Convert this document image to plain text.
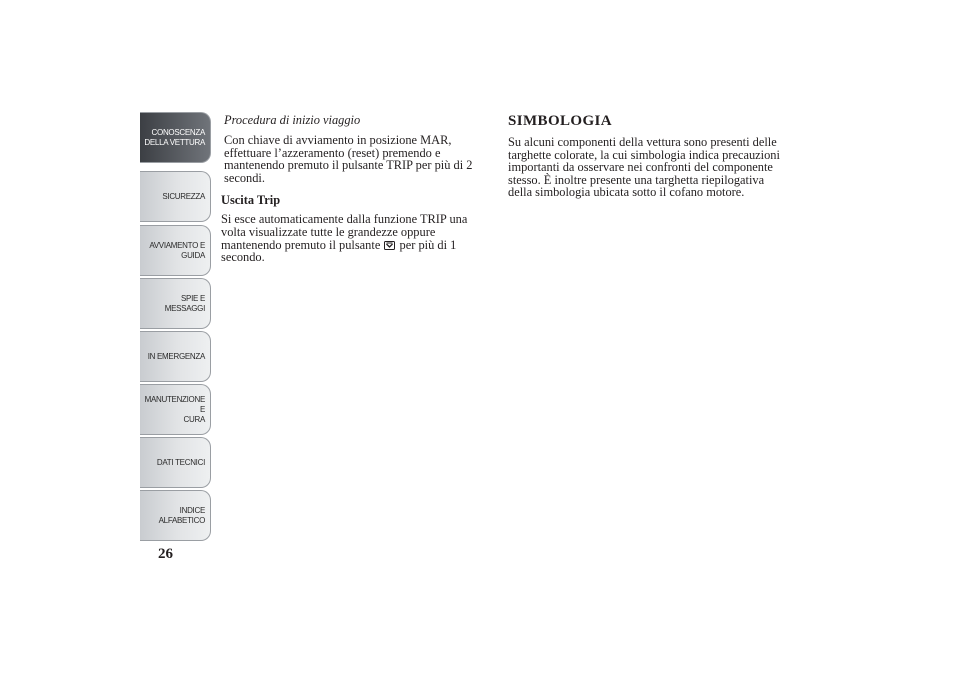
CONOSCENZA
DELLA VETTURA
SICUREZZA
AVVIAMENTO E
GUIDA
SPIE E MESSAGGI
IN EMERGENZA
MANUTENZIONE E
CURA
DATI TECNICI
INDICE
ALFABETICO
26

Procedura di inizio viaggio

Con chiave di avviamento in posizione MAR, effettuare l’azzeramento (reset) premendo e mantenendo premuto il pulsante TRIP per più di 2 secondi.

Uscita Trip

Si esce automaticamente dalla funzione TRIP una volta visualizzate tutte le grandezze oppure mantenendo premuto il pulsante per più di 1 secondo.

SIMBOLOGIA

Su alcuni componenti della vettura sono presenti delle targhette colorate, la cui simbologia indica precauzioni importanti da osservare nei confronti del componente stesso. È inoltre presente una targhetta riepilogativa della simbologia ubicata sotto il cofano motore.
